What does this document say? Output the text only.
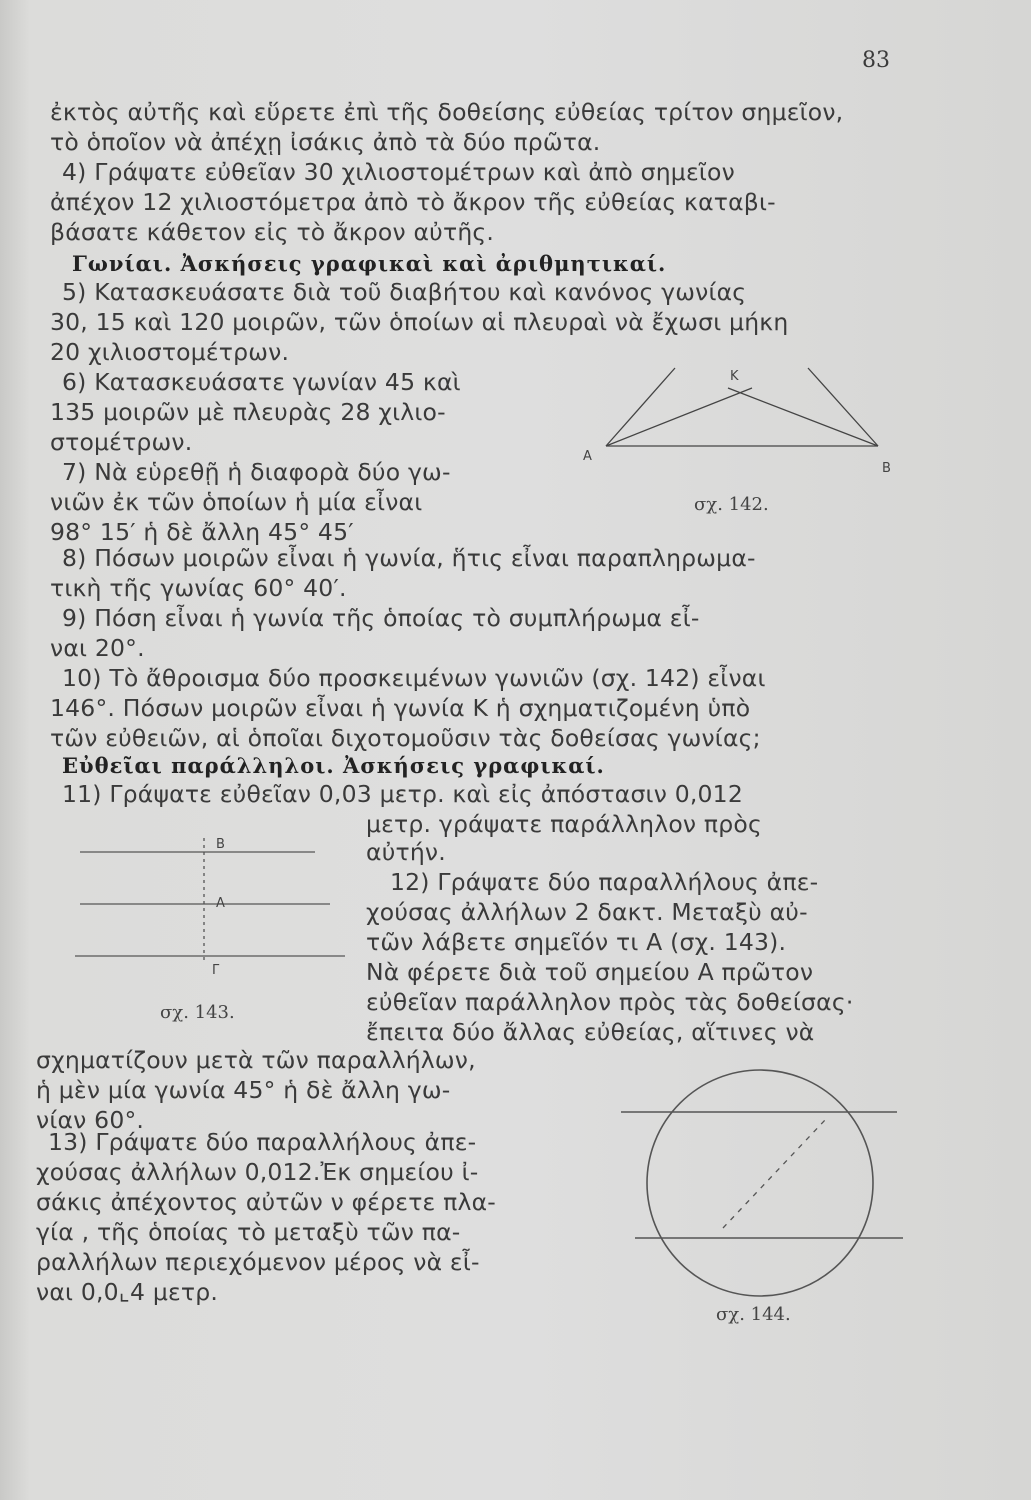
83
ἐκτὸς αὐτῆς καὶ εὕρετε ἐπὶ τῆς δοθείσης εὐθείας τρίτον σημεῖον,
τὸ ὁποῖον νὰ ἀπέχῃ ἰσάκις ἀπὸ τὰ δύο πρῶτα.
4) Γράψατε εὐθεῖαν 30 χιλιοστομέτρων καὶ ἀπὸ σημεῖον
ἀπέχον 12 χιλιοστόμετρα ἀπὸ τὸ ἄκρον τῆς εὐθείας καταβι-
βάσατε κάθετον εἰς τὸ ἄκρον αὐτῆς.
Γωνίαι. Ἀσκήσεις γραφικαὶ καὶ ἀριθμητικαί.
5) Κατασκευάσατε διὰ τοῦ διαβήτου καὶ κανόνος γωνίας
30, 15 καὶ 120 μοιρῶν, τῶν ὁποίων αἱ πλευραὶ νὰ ἔχωσι μήκη
20 χιλιοστομέτρων.
6) Κατασκευάσατε γωνίαν 45 καὶ
135 μοιρῶν μὲ πλευρὰς 28 χιλιο-
στομέτρων.
7) Νὰ εὑρεθῇ ἡ διαφορὰ δύο γω-
νιῶν ἐκ τῶν ὁποίων ἡ μία εἶναι
98° 15′ ἡ δὲ ἄλλη 45° 45′
K
A
B
σχ. 142.
8) Πόσων μοιρῶν εἶναι ἡ γωνία, ἥτις εἶναι παραπληρωμα-
τικὴ τῆς γωνίας 60° 40′.
9) Πόση εἶναι ἡ γωνία τῆς ὁποίας τὸ συμπλήρωμα εἶ-
ναι 20°.
10) Τὸ ἄθροισμα δύο προσκειμένων γωνιῶν (σχ. 142) εἶναι
146°. Πόσων μοιρῶν εἶναι ἡ γωνία Κ ἡ σχηματιζομένη ὑπὸ
τῶν εὐθειῶν, αἱ ὁποῖαι διχοτομοῦσιν τὰς δοθείσας γωνίας;
Εὐθεῖαι παράλληλοι. Ἀσκήσεις γραφικαί.
11) Γράψατε εὐθεῖαν 0,03 μετρ. καὶ εἰς ἀπόστασιν 0,012
μετρ. γράψατε παράλληλον πρὸς
αὐτήν.
12) Γράψατε δύο παραλλήλους ἀπε-
χούσας ἀλλήλων 2 δακτ. Μεταξὺ αὐ-
τῶν λάβετε σημεῖόν τι Α (σχ. 143).
Νὰ φέρετε διὰ τοῦ σημείου Α πρῶτον
εὐθεῖαν παράλληλον πρὸς τὰς δοθείσας·
ἔπειτα δύο ἄλλας εὐθείας, αἵτινες νὰ
B
A
Γ
σχ. 143.
σχηματίζουν μετὰ τῶν παραλλήλων,
ἡ μὲν μία γωνία 45° ἡ δὲ ἄλλη γω-
νίαν 60°.
13) Γράψατε δύο παραλλήλους ἀπε-
χούσας ἀλλήλων 0,012.Ἐκ σημείου ἰ-
σάκις ἀπέχοντος αὐτῶν ν φέρετε πλα-
γία , τῆς ὁποίας τὸ μεταξὺ τῶν πα-
ραλλήλων περιεχόμενον μέρος νὰ εἶ-
ναι 0,0⌞4 μετρ.
σχ. 144.
